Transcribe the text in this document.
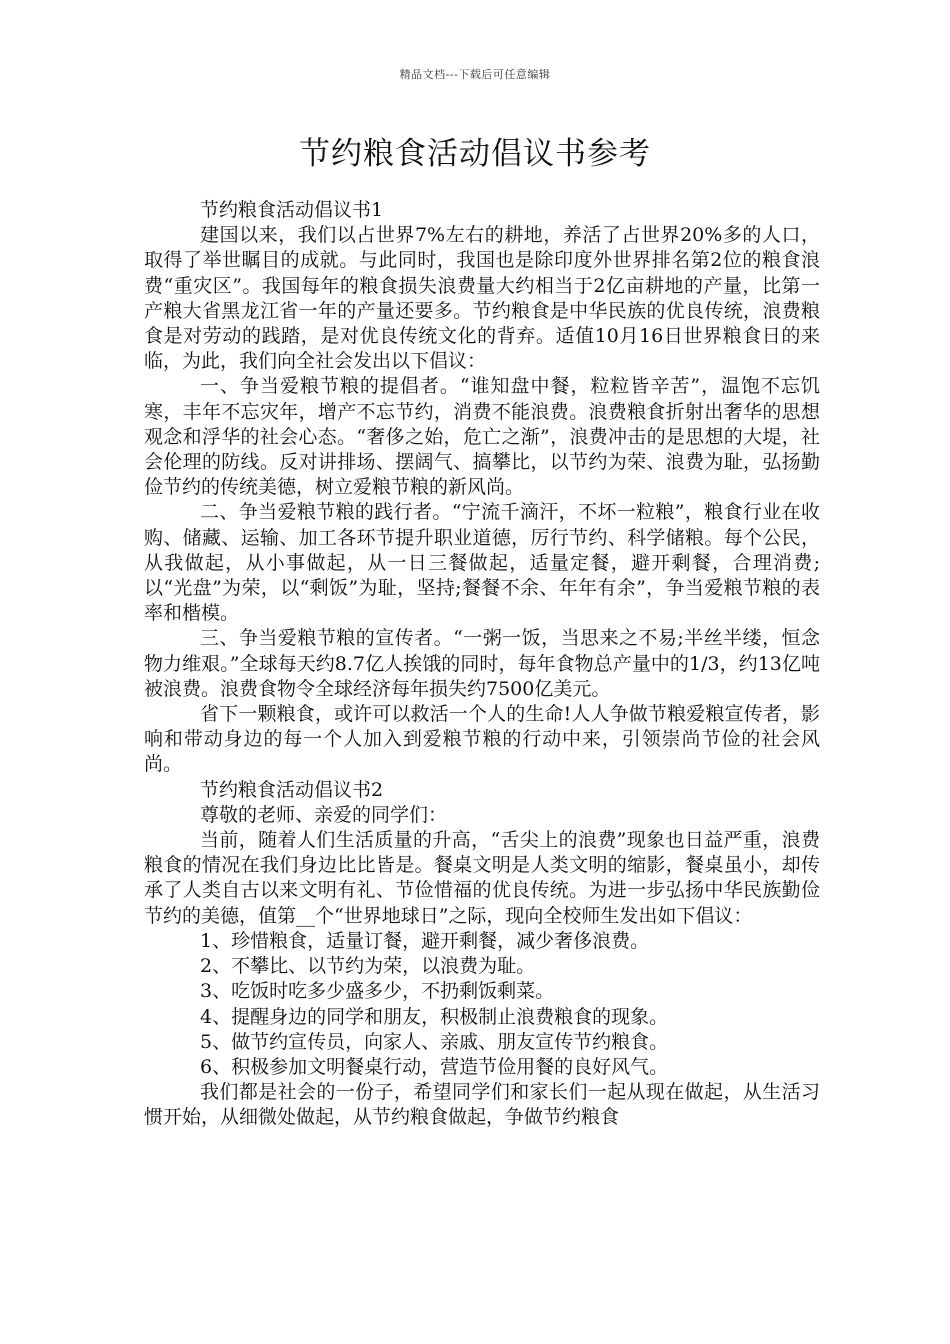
精品文档---下载后可任意编辑
节约粮食活动倡议书参考

节约粮食活动倡议书1

建国以来，我们以占世界7%左右的耕地，养活了占世界20%多的人口，取得了举世瞩目的成就。与此同时，我国也是除印度外世界排名第2位的粮食浪费“重灾区”。我国每年的粮食损失浪费量大约相当于2亿亩耕地的产量，比第一产粮大省黑龙江省一年的产量还要多。节约粮食是中华民族的优良传统，浪费粮食是对劳动的践踏，是对优良传统文化的背弃。适值10月16日世界粮食日的来临，为此，我们向全社会发出以下倡议：

一、争当爱粮节粮的提倡者。“谁知盘中餐，粒粒皆辛苦”，温饱不忘饥寒，丰年不忘灾年，增产不忘节约，消费不能浪费。浪费粮食折射出奢华的思想观念和浮华的社会心态。“奢侈之始，危亡之渐”，浪费冲击的是思想的大堤，社会伦理的防线。反对讲排场、摆阔气、搞攀比，以节约为荣、浪费为耻，弘扬勤俭节约的传统美德，树立爱粮节粮的新风尚。

二、争当爱粮节粮的践行者。“宁流千滴汗，不坏一粒粮”，粮食行业在收购、储藏、运输、加工各环节提升职业道德，厉行节约、科学储粮。每个公民，从我做起，从小事做起，从一日三餐做起，适量定餐，避开剩餐，合理消费;以“光盘”为荣，以“剩饭”为耻，坚持;餐餐不余、年年有余”，争当爱粮节粮的表率和楷模。

三、争当爱粮节粮的宣传者。“一粥一饭，当思来之不易;半丝半缕，恒念物力维艰。”全球每天约8.7亿人挨饿的同时，每年食物总产量中的1/3，约13亿吨被浪费。浪费食物令全球经济每年损失约7500亿美元。

省下一颗粮食，或许可以救活一个人的生命!人人争做节粮爱粮宣传者，影响和带动身边的每一个人加入到爱粮节粮的行动中来，引领崇尚节俭的社会风尚。

节约粮食活动倡议书2

尊敬的老师、亲爱的同学们：

当前，随着人们生活质量的升高，“舌尖上的浪费”现象也日益严重，浪费粮食的情况在我们身边比比皆是。餐桌文明是人类文明的缩影，餐桌虽小，却传承了人类自古以来文明有礼、节俭惜福的优良传统。为进一步弘扬中华民族勤俭节约的美德，值第__个“世界地球日”之际，现向全校师生发出如下倡议：

1、珍惜粮食，适量订餐，避开剩餐，减少奢侈浪费。

2、不攀比、以节约为荣，以浪费为耻。

3、吃饭时吃多少盛多少，不扔剩饭剩菜。

4、提醒身边的同学和朋友，积极制止浪费粮食的现象。

5、做节约宣传员，向家人、亲戚、朋友宣传节约粮食。

6、积极参加文明餐桌行动，营造节俭用餐的良好风气。

我们都是社会的一份子，希望同学们和家长们一起从现在做起，从生活习惯开始，从细微处做起，从节约粮食做起，争做节约粮食
